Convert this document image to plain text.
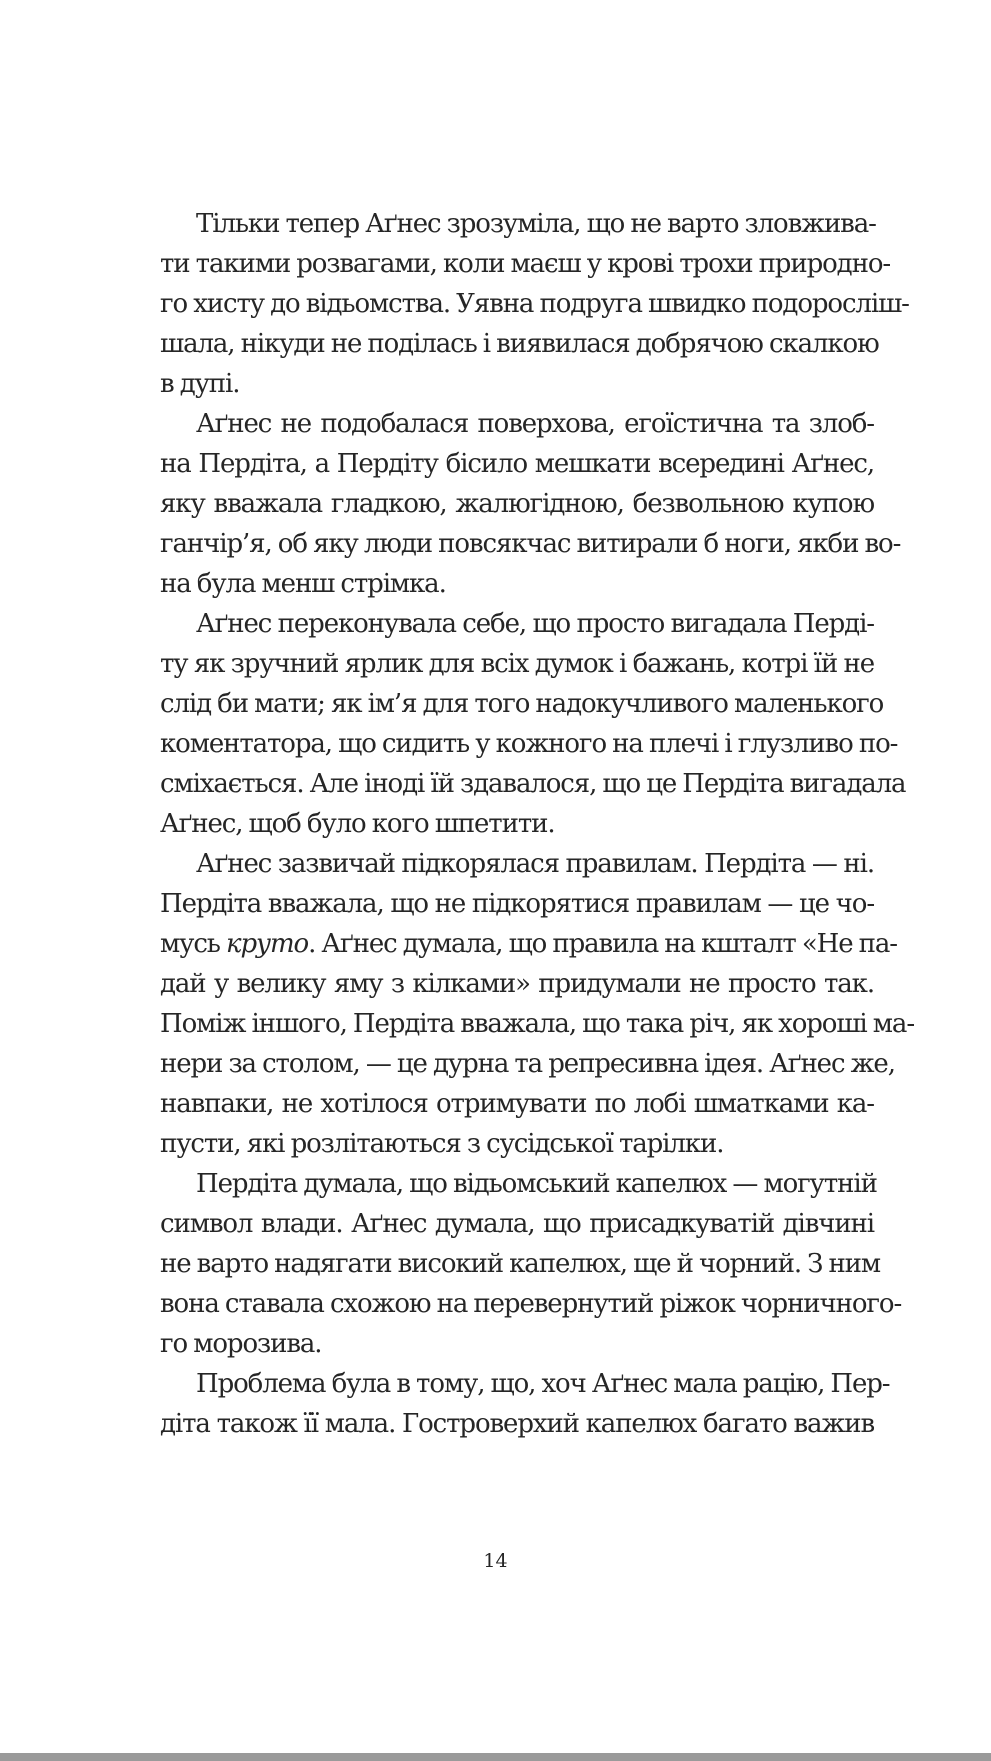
Тільки тепер Аґнес зрозуміла, що не варто зловжива-
ти такими розвагами, коли маєш у крові трохи природно-
го хисту до відьомства. Уявна подруга швидко подоросліш-
шала, нікуди не поділась і виявилася добрячою скалкою
в дупі.
Аґнес не подобалася поверхова, егоїстична та злоб-
на Пердіта, а Пердіту бісило мешкати всередині Аґнес,
яку вважала гладкою, жалюгідною, безвольною купою
ганчір’я, об яку люди повсякчас витирали б ноги, якби во-
на була менш стрімка.
Аґнес переконувала себе, що просто вигадала Перді-
ту як зручний ярлик для всіх думок і бажань, котрі їй не
слід би мати; як ім’я для того надокучливого маленького
коментатора, що сидить у кожного на плечі і глузливо по-
сміхається. Але іноді їй здавалося, що це Пердіта вигадала
Аґнес, щоб було кого шпетити.
Аґнес зазвичай підкорялася правилам. Пердіта — ні.
Пердіта вважала, що не підкорятися правилам — це чо-
мусь круто. Аґнес думала, що правила на кшталт «Не па-
дай у велику яму з кілками» придумали не просто так.
Поміж іншого, Пердіта вважала, що така річ, як хороші ма-
нери за столом, — це дурна та репресивна ідея. Аґнес же,
навпаки, не хотілося отримувати по лобі шматками ка-
пусти, які розлітаються з сусідської тарілки.
Пердіта думала, що відьомський капелюх — могутній
символ влади. Аґнес думала, що присадкуватій дівчині
не варто надягати високий капелюх, ще й чорний. З ним
вона ставала схожою на перевернутий ріжок чорничного-
го морозива.
Проблема була в тому, що, хоч Аґнес мала рацію, Пер-
діта також її мала. Гостроверхий капелюх багато важив
14
